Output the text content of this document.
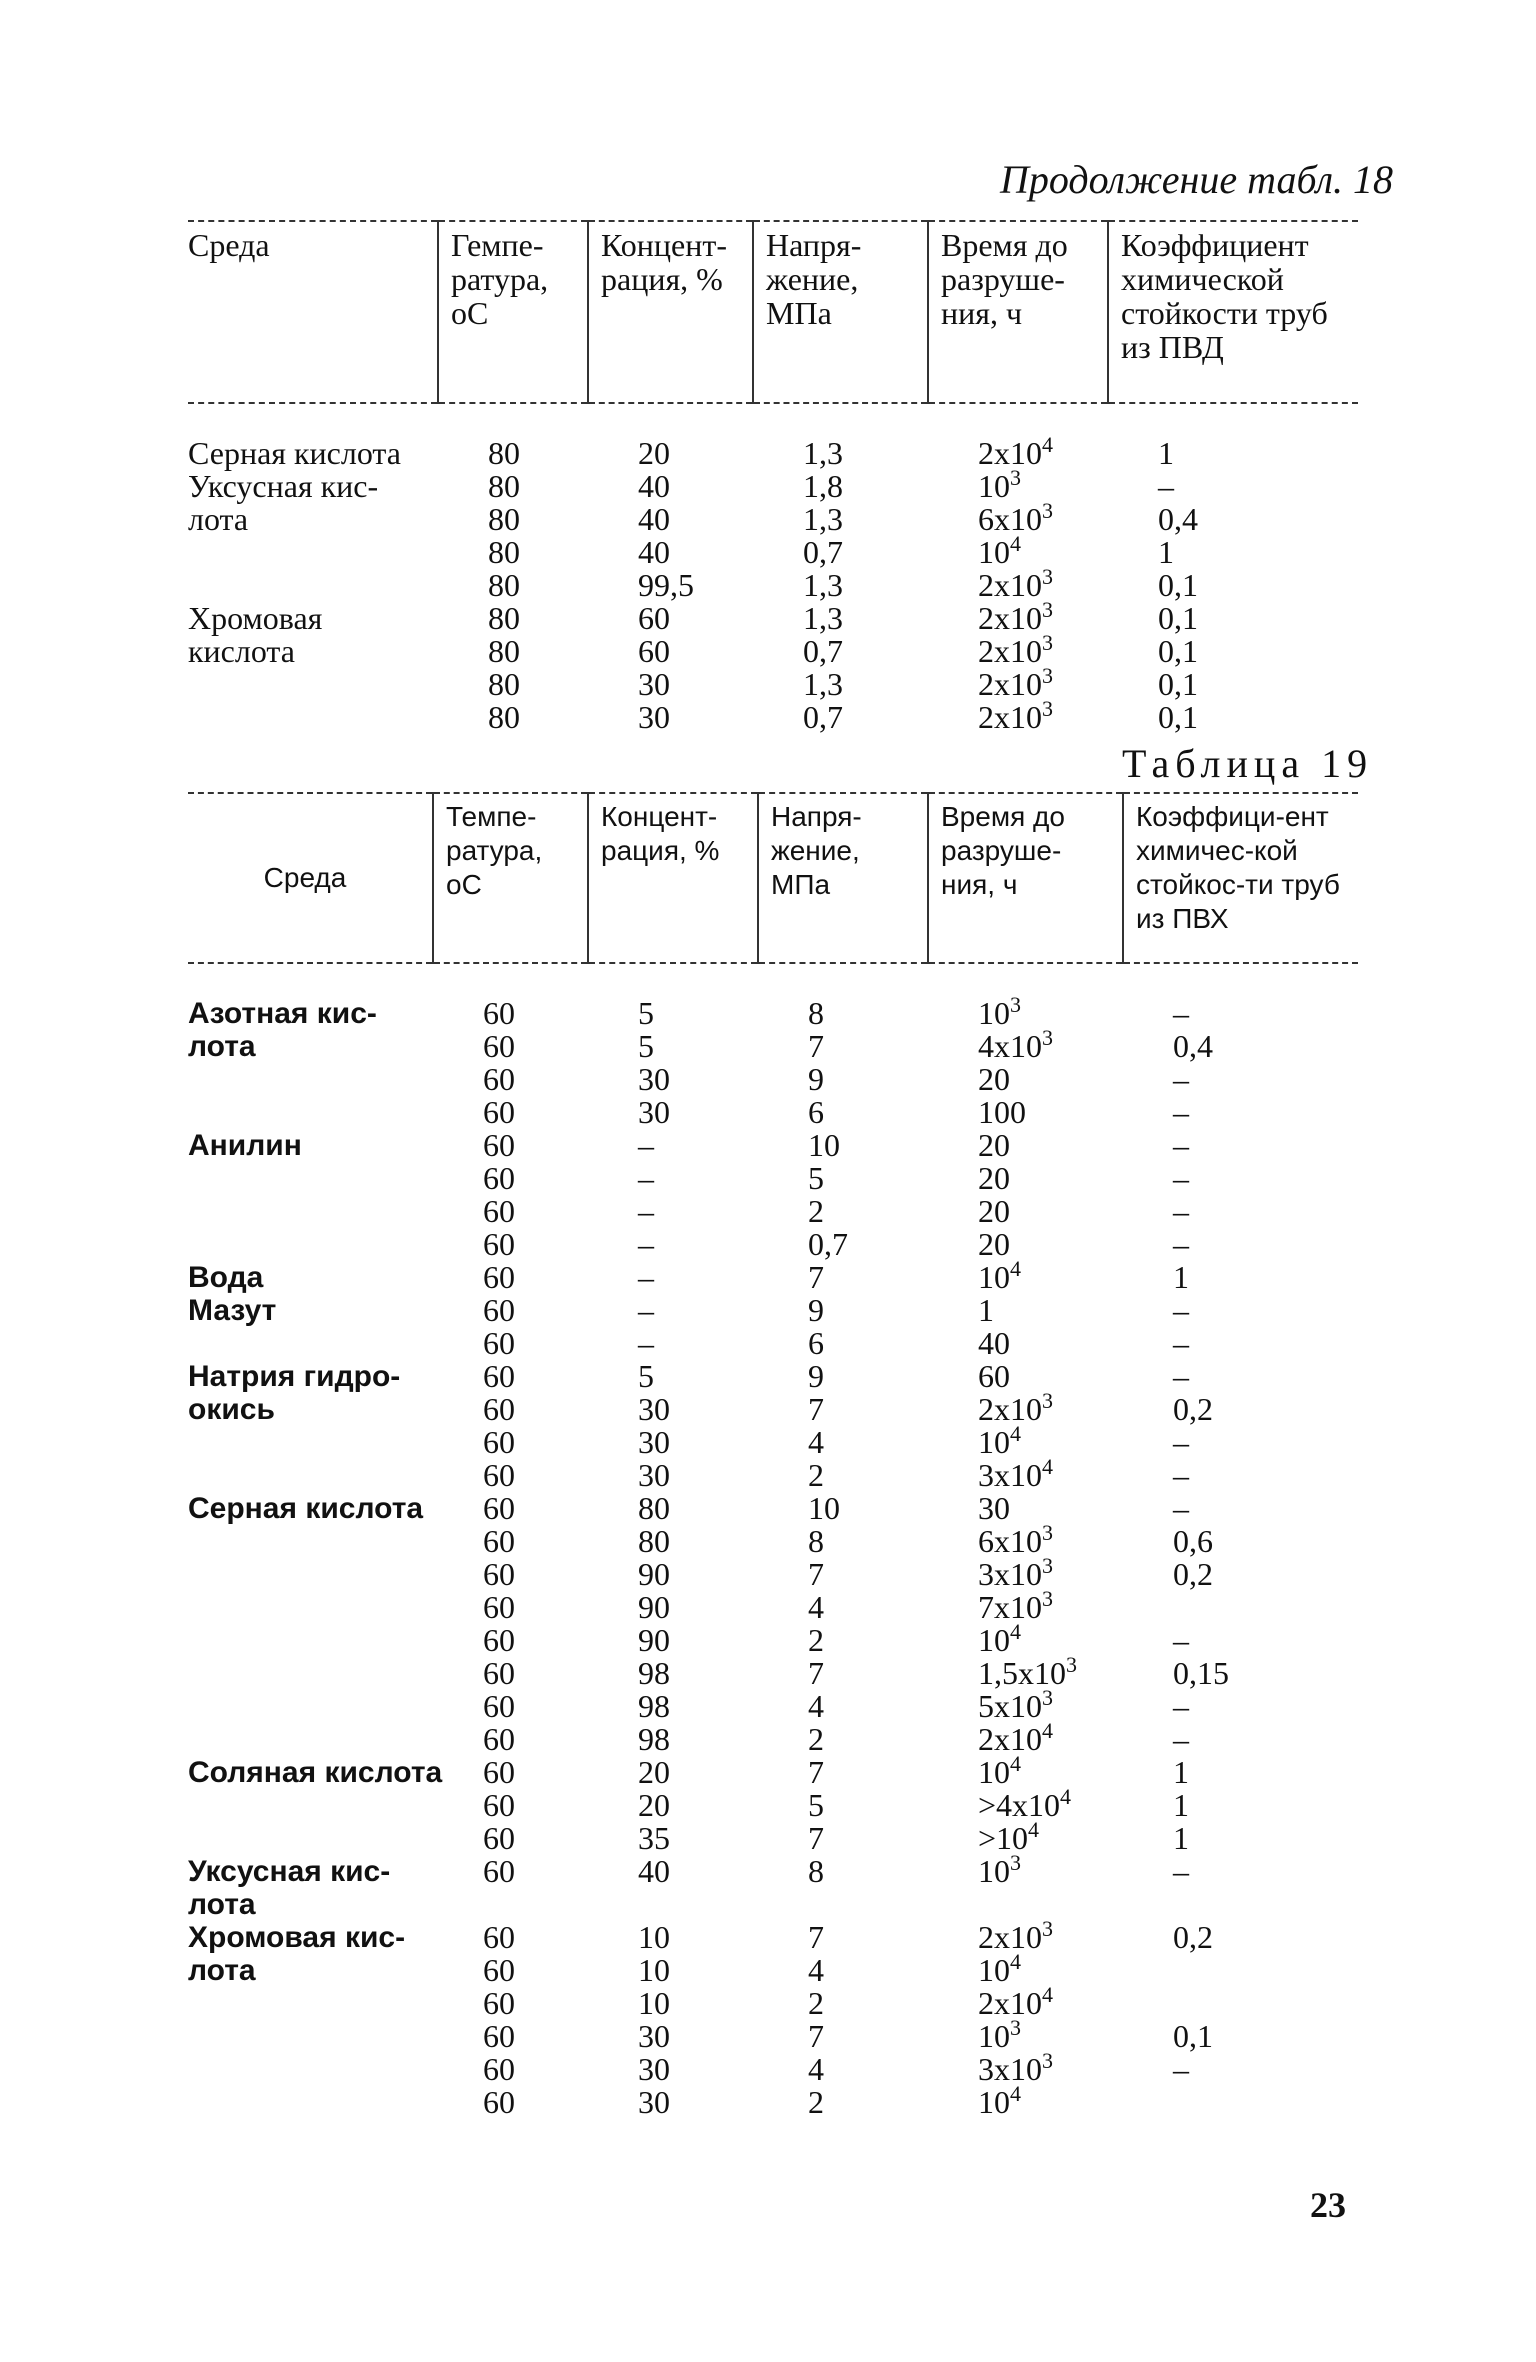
Продолжение табл. 18
Среда	Гемпе-ратура, оС	Концент-рация, %	Напря-жение, МПа	Время до разруше-ния, ч	Коэффициент химической стойкости труб из ПВД

Серная кислота	80	20	1,3	$2x10^4$	1
Уксусная кис-	80	40	1,8	$10^3$	–
лота	80	40	1,3	$6x10^3$	0,4
	80	40	0,7	$10^4$	1
	80	99,5	1,3	$2x10^3$	0,1
Хромовая	80	60	1,3	$2x10^3$	0,1
кислота	80	60	0,7	$2x10^3$	0,1
	80	30	1,3	$2x10^3$	0,1
	80	30	0,7	$2x10^3$	0,1
Таблица 19
Среда	Темпе-ратура, оС	Концент-рация, %	Напря-жение, МПа	Время до разруше-ния, ч	Коэффици-ент химичес-кой стойкос-ти труб из ПВХ

Азотная кис-	60	5	8	$10^3$	–
лота	60	5	7	$4x10^3$	0,4
	60	30	9	20	–
	60	30	6	100	–
Анилин	60	–	10	20	–
	60	–	5	20	–
	60	–	2	20	–
	60	–	0,7	20	–
Вода	60	–	7	$10^4$	1
Мазут	60	–	9	1	–
	60	–	6	40	–
Натрия гидро-	60	5	9	60	–
окись	60	30	7	$2x10^3$	0,2
	60	30	4	$10^4$	–
	60	30	2	$3x10^4$	–
Серная кислота	60	80	10	30	–
	60	80	8	$6x10^3$	0,6
	60	90	7	$3x10^3$	0,2
	60	90	4	$7x10^3$	
	60	90	2	$10^4$	–
	60	98	7	$1,5x10^3$	0,15
	60	98	4	$5x10^3$	–
	60	98	2	$2x10^4$	–
Соляная кислота	60	20	7	$10^4$	1
	60	20	5	$>4x10^4$	1
	60	35	7	$>10^4$	1
Уксусная кис-	60	40	8	$10^3$	–
лота					
Хромовая кис-	60	10	7	$2x10^3$	0,2
лота	60	10	4	$10^4$	
	60	10	2	$2x10^4$	
	60	30	7	$10^3$	0,1
	60	30	4	$3x10^3$	–
	60	30	2	$10^4$	
23
